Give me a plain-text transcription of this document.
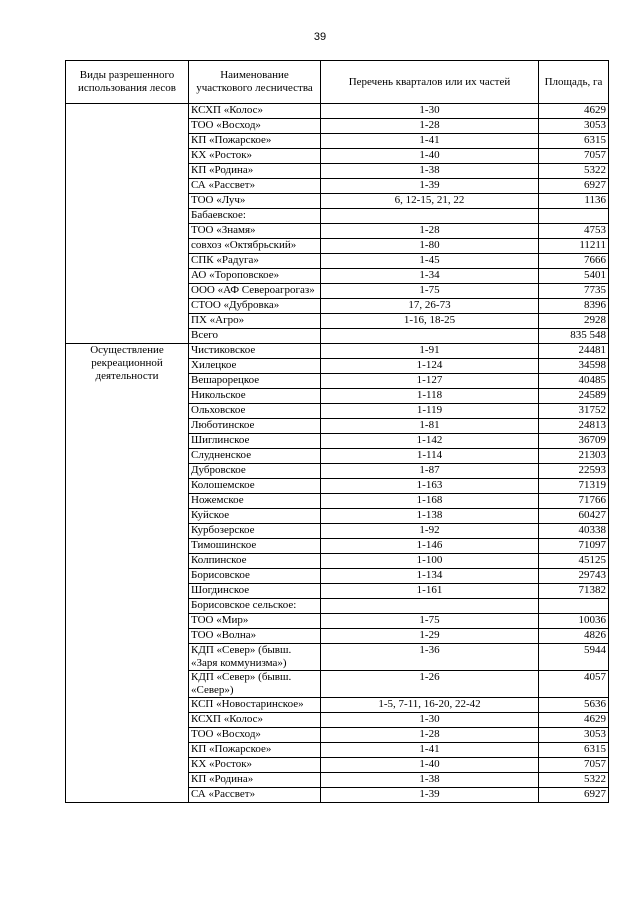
39
Виды разрешенного использования лесов	Наименование участкового лесничества	Перечень кварталов или их частей	Площадь, га
	КСХП «Колос»	1-30	4629
	ТОО «Восход»	1-28	3053
	КП «Пожарское»	1-41	6315
	КХ «Росток»	1-40	7057
	КП «Родина»	1-38	5322
	СА «Рассвет»	1-39	6927
	ТОО «Луч»	6, 12-15, 21, 22	1136
	Бабаевское:		
	ТОО «Знамя»	1-28	4753
	совхоз «Октябрьский»	1-80	11211
	СПК «Радуга»	1-45	7666
	АО «Тороповское»	1-34	5401
	ООО «АФ Североагрогаз»	1-75	7735
	СТОО «Дубровка»	17, 26-73	8396
	ПХ «Агро»	1-16, 18-25	2928
	Всего		835 548
Осуществление рекреационной деятельности	Чистиковское	1-91	24481
	Хилецкое	1-124	34598
	Вешарорецкое	1-127	40485
	Никольское	1-118	24589
	Ольховское	1-119	31752
	Люботинское	1-81	24813
	Шиглинское	1-142	36709
	Слудненское	1-114	21303
	Дубровское	1-87	22593
	Колошемское	1-163	71319
	Ножемское	1-168	71766
	Куйское	1-138	60427
	Курбозерское	1-92	40338
	Тимошинское	1-146	71097
	Колпинское	1-100	45125
	Борисовское	1-134	29743
	Шогдинское	1-161	71382
	Борисовское сельское:		
	ТОО «Мир»	1-75	10036
	ТОО «Волна»	1-29	4826
	КДП «Север» (бывш. «Заря коммунизма»)	1-36	5944
	КДП «Север» (бывш. «Север»)	1-26	4057
	КСП «Новостаринское»	1-5, 7-11, 16-20, 22-42	5636
	КСХП «Колос»	1-30	4629
	ТОО «Восход»	1-28	3053
	КП «Пожарское»	1-41	6315
	КХ «Росток»	1-40	7057
	КП «Родина»	1-38	5322
	СА «Рассвет»	1-39	6927
